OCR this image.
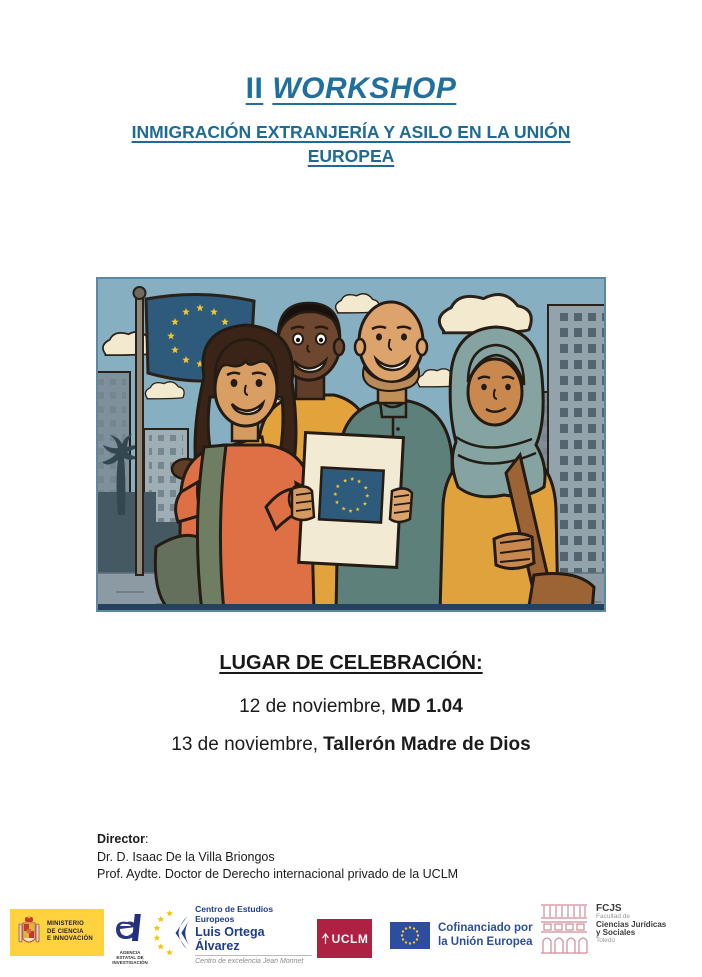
II WORKSHOP
INMIGRACIÓN EXTRANJERÍA Y ASILO EN LA UNIÓN EUROPEA
LUGAR DE CELEBRACIÓN:
12 de noviembre, MD 1.04
13 de noviembre, Tallerón Madre de Dios
Director:
Dr. D. Isaac De la Villa Briongos
Prof. Aydte. Doctor de Derecho internacional privado de la UCLM
MINISTERIO
DE CIENCIA
E INNOVACIÓN
AGENCIA
ESTATAL DE
INVESTIGACIÓN
Centro de Estudios Europeos
Luis Ortega Álvarez
Centro de excelencia Jean Monnet
UCLM
Cofinanciado por
la Unión Europea
FCJS
Facultad de
Ciencias Jurídicas
y Sociales
Toledo
